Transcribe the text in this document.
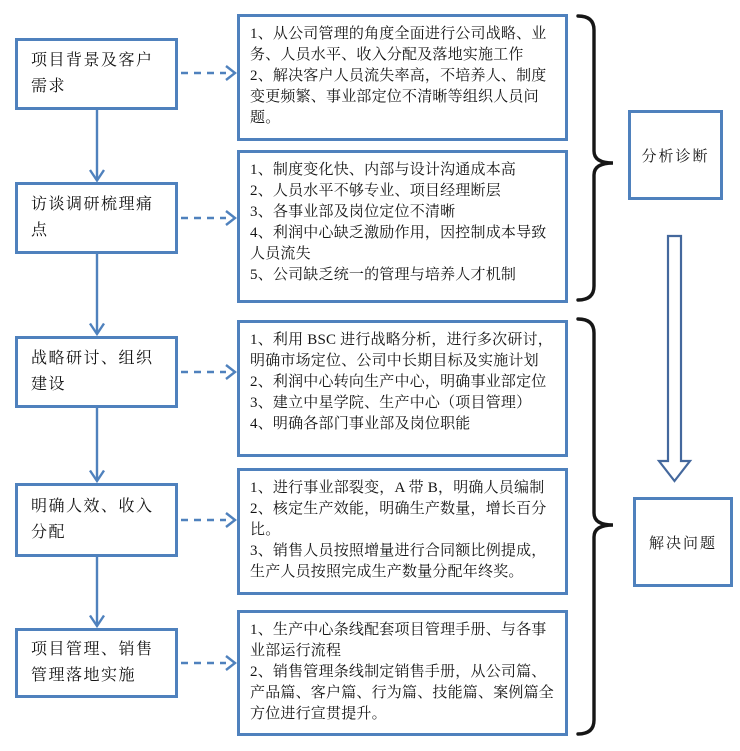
项目背景及客户需求
访谈调研梳理痛点
战略研讨、组织建设
明确人效、收入分配
项目管理、销售管理落地实施

1、从公司管理的角度全面进行公司战略、业务、人员水平、收入分配及落地实施工作

2、解决客户人员流失率高，不培养人、制度变更频繁、事业部定位不清晰等组织人员问题。

1、制度变化快、内部与设计沟通成本高

2、人员水平不够专业、项目经理断层

3、各事业部及岗位定位不清晰

4、利润中心缺乏激励作用，因控制成本导致人员流失

5、公司缺乏统一的管理与培养人才机制

1、利用 BSC 进行战略分析，进行多次研讨，明确市场定位、公司中长期目标及实施计划

2、利润中心转向生产中心，明确事业部定位

3、建立中星学院、生产中心（项目管理）

4、明确各部门事业部及岗位职能

1、进行事业部裂变，A 带 B，明确人员编制

2、核定生产效能，明确生产数量，增长百分比。

3、销售人员按照增量进行合同额比例提成，生产人员按照完成生产数量分配年终奖。

1、生产中心条线配套项目管理手册、与各事业部运行流程

2、销售管理条线制定销售手册，从公司篇、产品篇、客户篇、行为篇、技能篇、案例篇全方位进行宣贯提升。

分析诊断
解决问题
